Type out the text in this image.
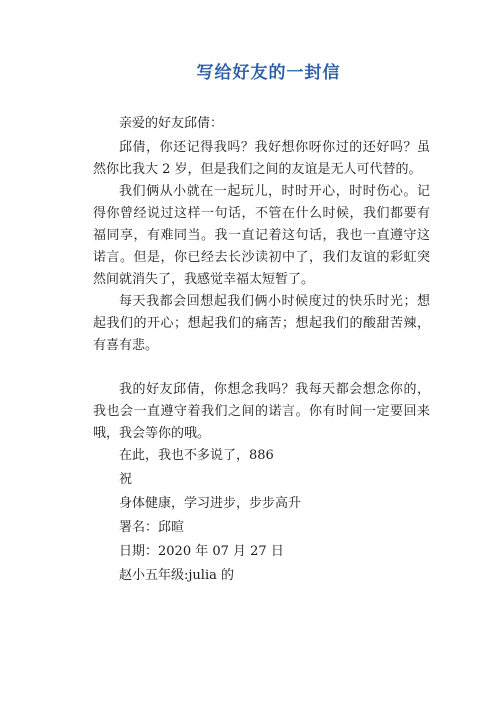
写给好友的一封信

亲爱的好友邱倩：

邱倩，你还记得我吗？我好想你呀你过的还好吗？虽然你比我大 2 岁，但是我们之间的友谊是无人可代替的。

我们俩从小就在一起玩儿，时时开心，时时伤心。记得你曾经说过这样一句话，不管在什么时候，我们都要有福同享，有难同当。我一直记着这句话，我也一直遵守这诺言。但是，你已经去长沙读初中了，我们友谊的彩虹突然间就消失了，我感觉幸福太短暂了。

每天我都会回想起我们俩小时候度过的快乐时光；想起我们的开心；想起我们的痛苦；想起我们的酸甜苦辣，有喜有悲。

我的好友邱倩，你想念我吗？我每天都会想念你的，我也会一直遵守着我们之间的诺言。你有时间一定要回来哦，我会等你的哦。

在此，我也不多说了，886

祝

身体健康，学习进步，步步高升

署名：邱暄

日期：2020 年 07 月 27 日

赵小五年级:julia 的
